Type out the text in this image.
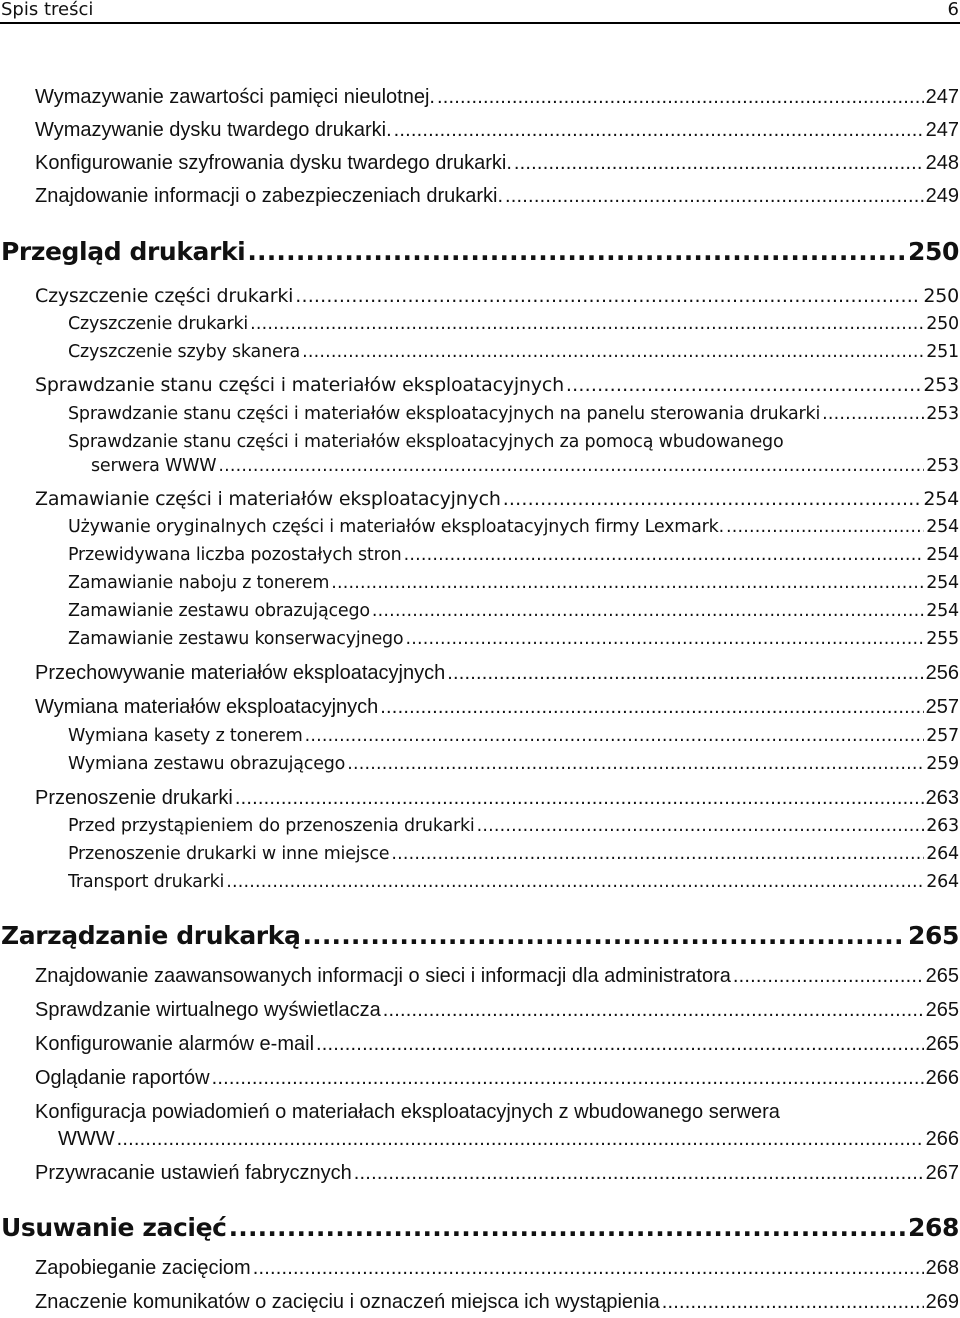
Spis treści	6
Wymazywanie zawartości pamięci nieulotnej. .....	247
Wymazywanie dysku twardego drukarki. .....	247
Konfigurowanie szyfrowania dysku twardego drukarki. .....	248
Znajdowanie informacji o zabezpieczeniach drukarki. .....	249
Przegląd drukarki .....	250
Czyszczenie części drukarki .....	250
Czyszczenie drukarki .....	250
Czyszczenie szyby skanera .....	251
Sprawdzanie stanu części i materiałów eksploatacyjnych .....	253
Sprawdzanie stanu części i materiałów eksploatacyjnych na panelu sterowania drukarki .....	253
Sprawdzanie stanu części i materiałów eksploatacyjnych za pomocą wbudowanego
serwera WWW .....	253
Zamawianie części i materiałów eksploatacyjnych .....	254
Używanie oryginalnych części i materiałów eksploatacyjnych firmy Lexmark. .....	254
Przewidywana liczba pozostałych stron .....	254
Zamawianie naboju z tonerem .....	254
Zamawianie zestawu obrazującego .....	254
Zamawianie zestawu konserwacyjnego .....	255
Przechowywanie materiałów eksploatacyjnych .....	256
Wymiana materiałów eksploatacyjnych .....	257
Wymiana kasety z tonerem .....	257
Wymiana zestawu obrazującego .....	259
Przenoszenie drukarki .....	263
Przed przystąpieniem do przenoszenia drukarki .....	263
Przenoszenie drukarki w inne miejsce .....	264
Transport drukarki .....	264
Zarządzanie drukarką .....	265
Znajdowanie zaawansowanych informacji o sieci i informacji dla administratora .....	265
Sprawdzanie wirtualnego wyświetlacza .....	265
Konfigurowanie alarmów e-mail .....	265
Oglądanie raportów .....	266
Konfiguracja powiadomień o materiałach eksploatacyjnych z wbudowanego serwera
WWW .....	266
Przywracanie ustawień fabrycznych .....	267
Usuwanie zacięć .....	268
Zapobieganie zacięciom .....	268
Znaczenie komunikatów o zacięciu i oznaczeń miejsca ich wystąpienia .....	269
